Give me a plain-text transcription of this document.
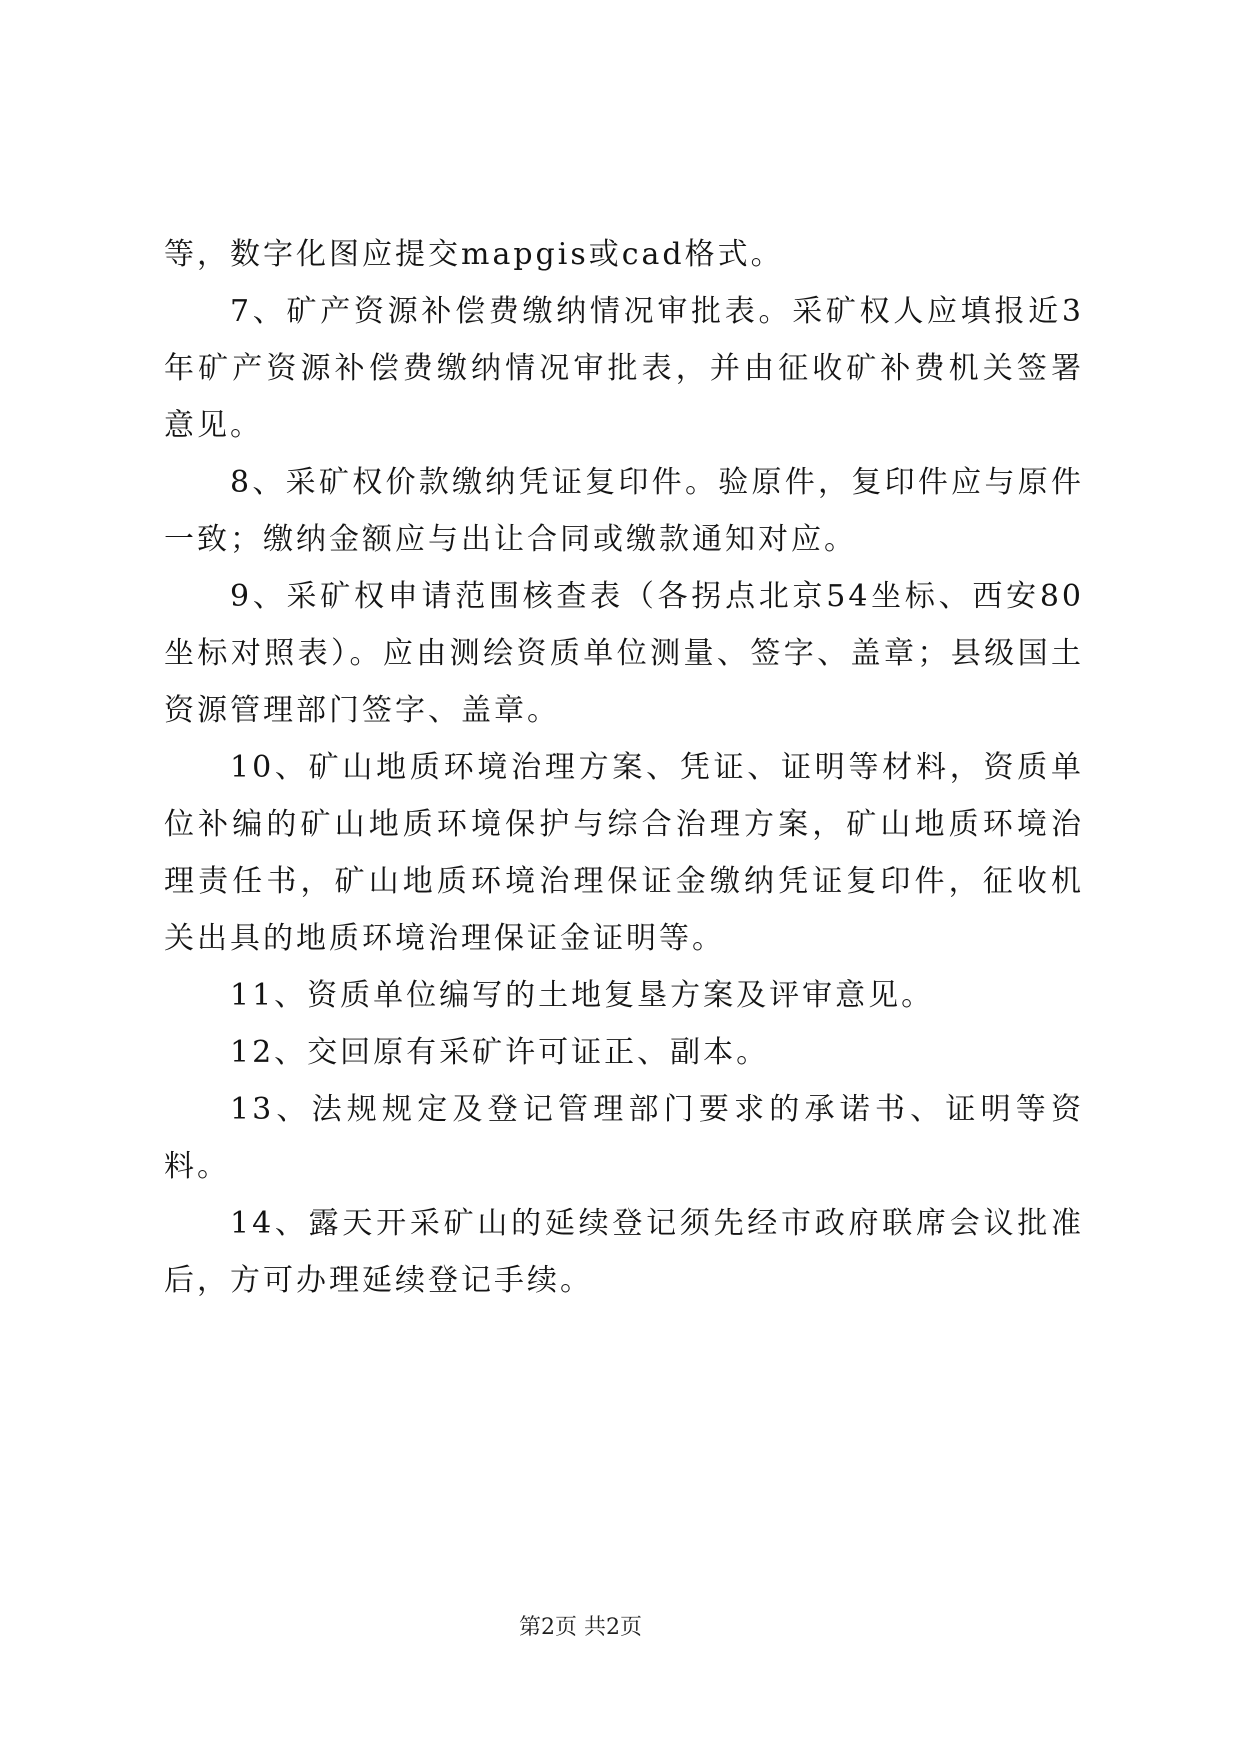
等，数字化图应提交mapgis或cad格式。

7、矿产资源补偿费缴纳情况审批表。采矿权人应填报近3年矿产资源补偿费缴纳情况审批表，并由征收矿补费机关签署意见。

8、采矿权价款缴纳凭证复印件。验原件，复印件应与原件一致；缴纳金额应与出让合同或缴款通知对应。

9、采矿权申请范围核查表（各拐点北京54坐标、西安80坐标对照表）。应由测绘资质单位测量、签字、盖章；县级国土资源管理部门签字、盖章。

10、矿山地质环境治理方案、凭证、证明等材料，资质单位补编的矿山地质环境保护与综合治理方案，矿山地质环境治理责任书，矿山地质环境治理保证金缴纳凭证复印件，征收机关出具的地质环境治理保证金证明等。

11、资质单位编写的土地复垦方案及评审意见。

12、交回原有采矿许可证正、副本。

13、法规规定及登记管理部门要求的承诺书、证明等资料。

14、露天开采矿山的延续登记须先经市政府联席会议批准后，方可办理延续登记手续。

第2页 共2页
